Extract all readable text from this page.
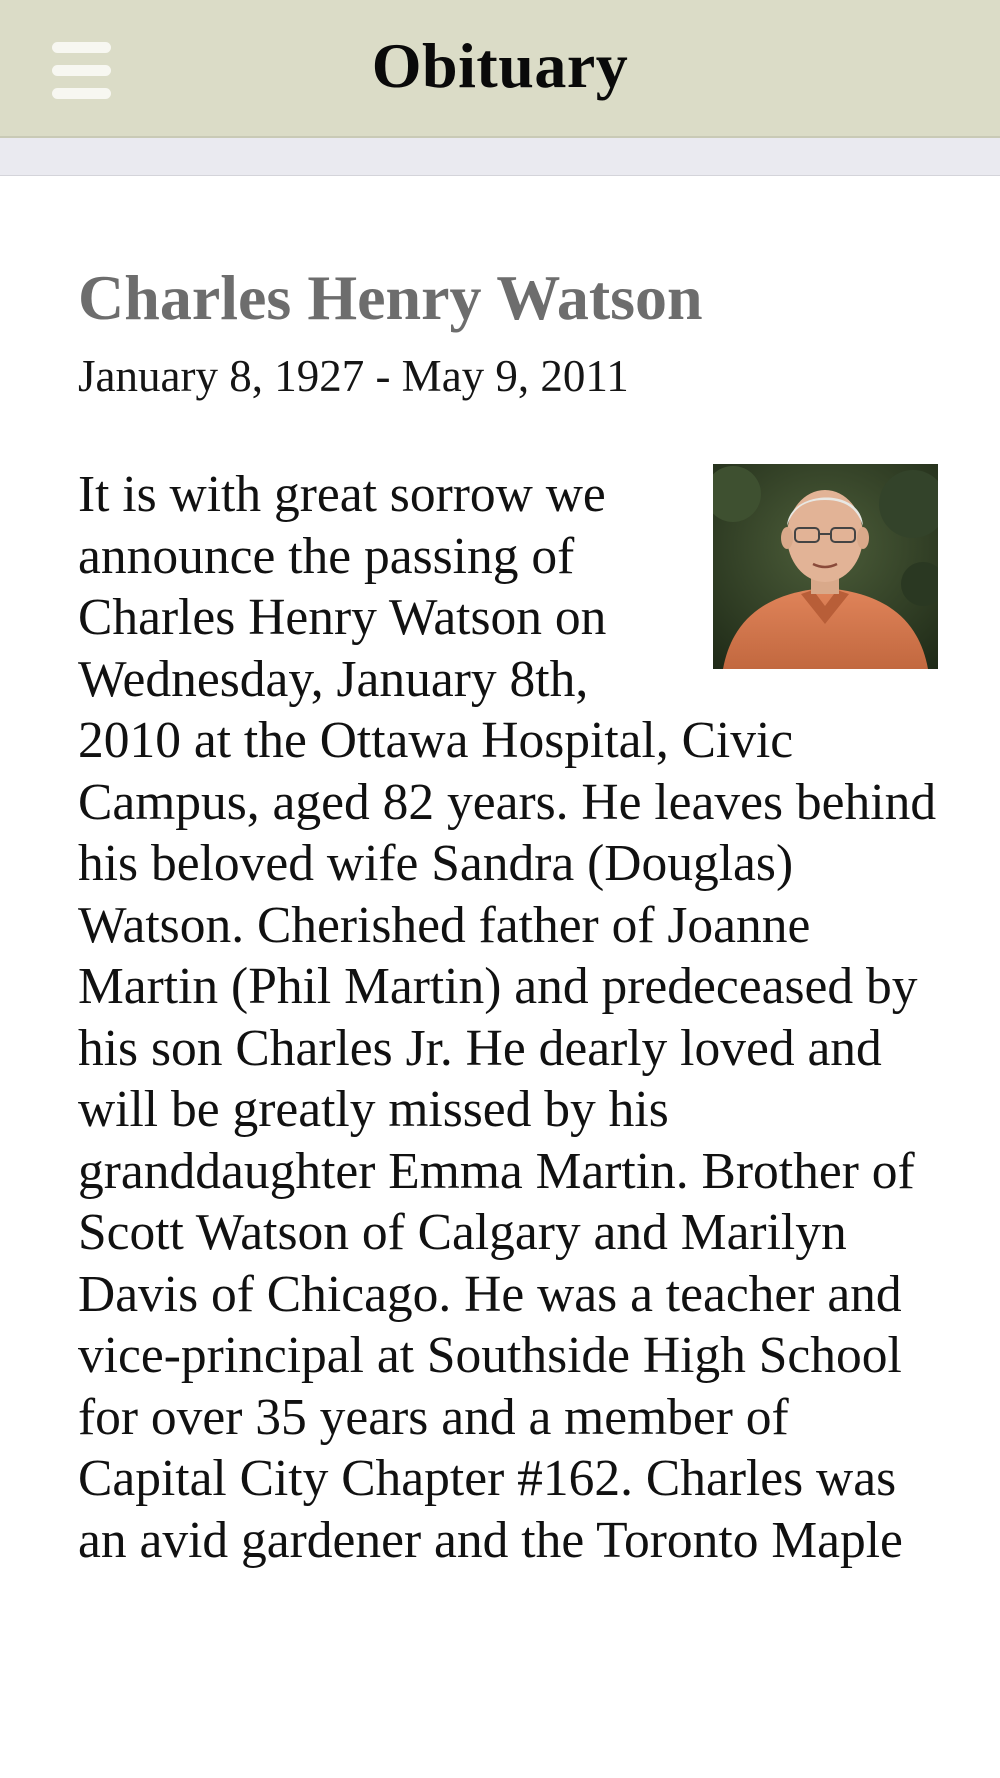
Obituary
Charles Henry Watson
January 8, 1927 - May 9, 2011

It is with great sorrow we announce the passing of Charles Henry Watson on Wednesday, January 8th, 2010 at the Ottawa Hospital, Civic Campus, aged 82 years. He leaves behind his beloved wife Sandra (Douglas) Watson. Cherished father of Joanne Martin (Phil Martin) and predeceased by his son Charles Jr. He dearly loved and will be greatly missed by his granddaughter Emma Martin. Brother of Scott Watson of Calgary and Marilyn Davis of Chicago. He was a teacher and vice-principal at Southside High School for over 35 years and a member of Capital City Chapter #162. Charles was an avid gardener and the Toronto Maple
